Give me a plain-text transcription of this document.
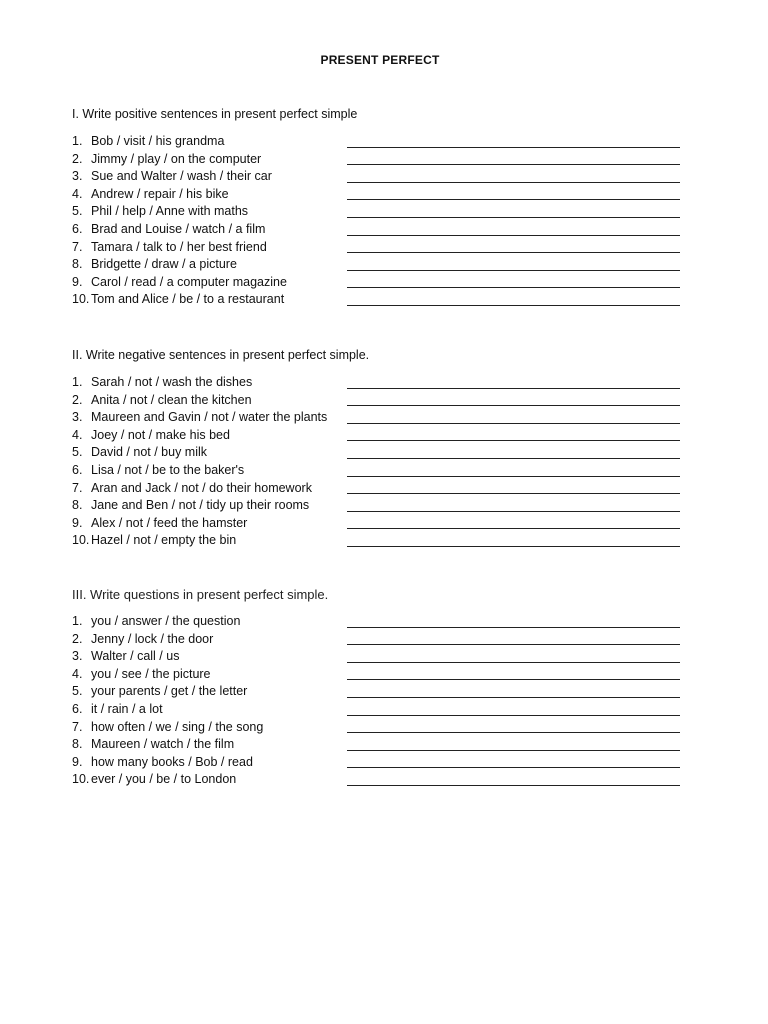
PRESENT PERFECT
I. Write positive sentences in present perfect simple
1. Bob / visit / his grandma
2. Jimmy / play / on the computer
3. Sue and Walter / wash / their car
4. Andrew / repair / his bike
5. Phil / help / Anne with maths
6. Brad and Louise / watch / a film
7. Tamara / talk to / her best friend
8. Bridgette / draw / a picture
9. Carol / read / a computer magazine
10. Tom and Alice / be / to a restaurant
II. Write negative sentences in present perfect simple.
1. Sarah / not / wash the dishes
2. Anita / not / clean the kitchen
3. Maureen and Gavin / not / water the plants
4. Joey / not / make his bed
5. David / not / buy milk
6. Lisa / not / be to the baker's
7. Aran and Jack / not / do their homework
8. Jane and Ben / not / tidy up their rooms
9. Alex / not / feed the hamster
10. Hazel / not / empty the bin
III. Write questions in present perfect simple.
1. you / answer / the question
2. Jenny / lock / the door
3. Walter / call / us
4. you / see / the picture
5. your parents / get / the letter
6. it / rain / a lot
7. how often / we / sing / the song
8. Maureen / watch / the film
9. how many books / Bob / read
10. ever / you / be / to London
